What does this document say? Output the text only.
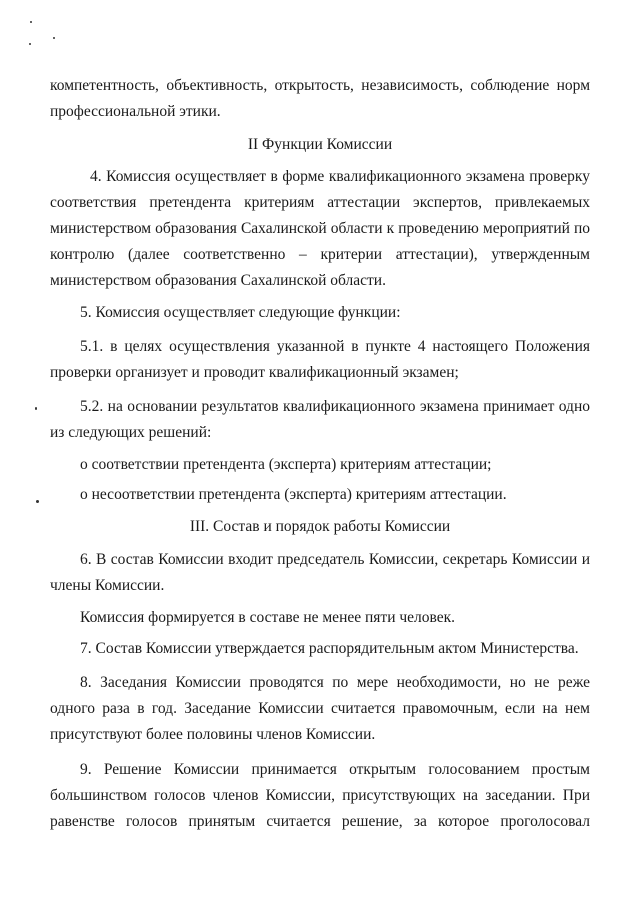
компетентность, объективность, открытость, независимость, соблюдение норм
профессиональной этики.
II Функции Комиссии
4. Комиссия осуществляет в форме квалификационного экзамена проверку
соответствия претендента критериям аттестации экспертов, привлекаемых
министерством образования Сахалинской области к проведению мероприятий по
контролю (далее соответственно – критерии аттестации), утвержденным
министерством образования Сахалинской области.
5. Комиссия осуществляет следующие функции:
5.1. в целях осуществления указанной в пункте 4 настоящего Положения
проверки организует и проводит квалификационный экзамен;
5.2. на основании результатов квалификационного экзамена принимает одно
из следующих решений:
о соответствии претендента (эксперта) критериям аттестации;
о несоответствии претендента (эксперта) критериям аттестации.
III. Состав и порядок работы Комиссии
6. В состав Комиссии входит председатель Комиссии, секретарь Комиссии и
члены Комиссии.
Комиссия формируется в составе не менее пяти человек.
7. Состав Комиссии утверждается распорядительным актом Министерства.
8. Заседания Комиссии проводятся по мере необходимости, но не реже
одного раза в год. Заседание Комиссии считается правомочным, если на нем
присутствуют более половины членов Комиссии.
9. Решение Комиссии принимается открытым голосованием простым
большинством голосов членов Комиссии, присутствующих на заседании. При
равенстве голосов принятым считается решение, за которое проголосовал
